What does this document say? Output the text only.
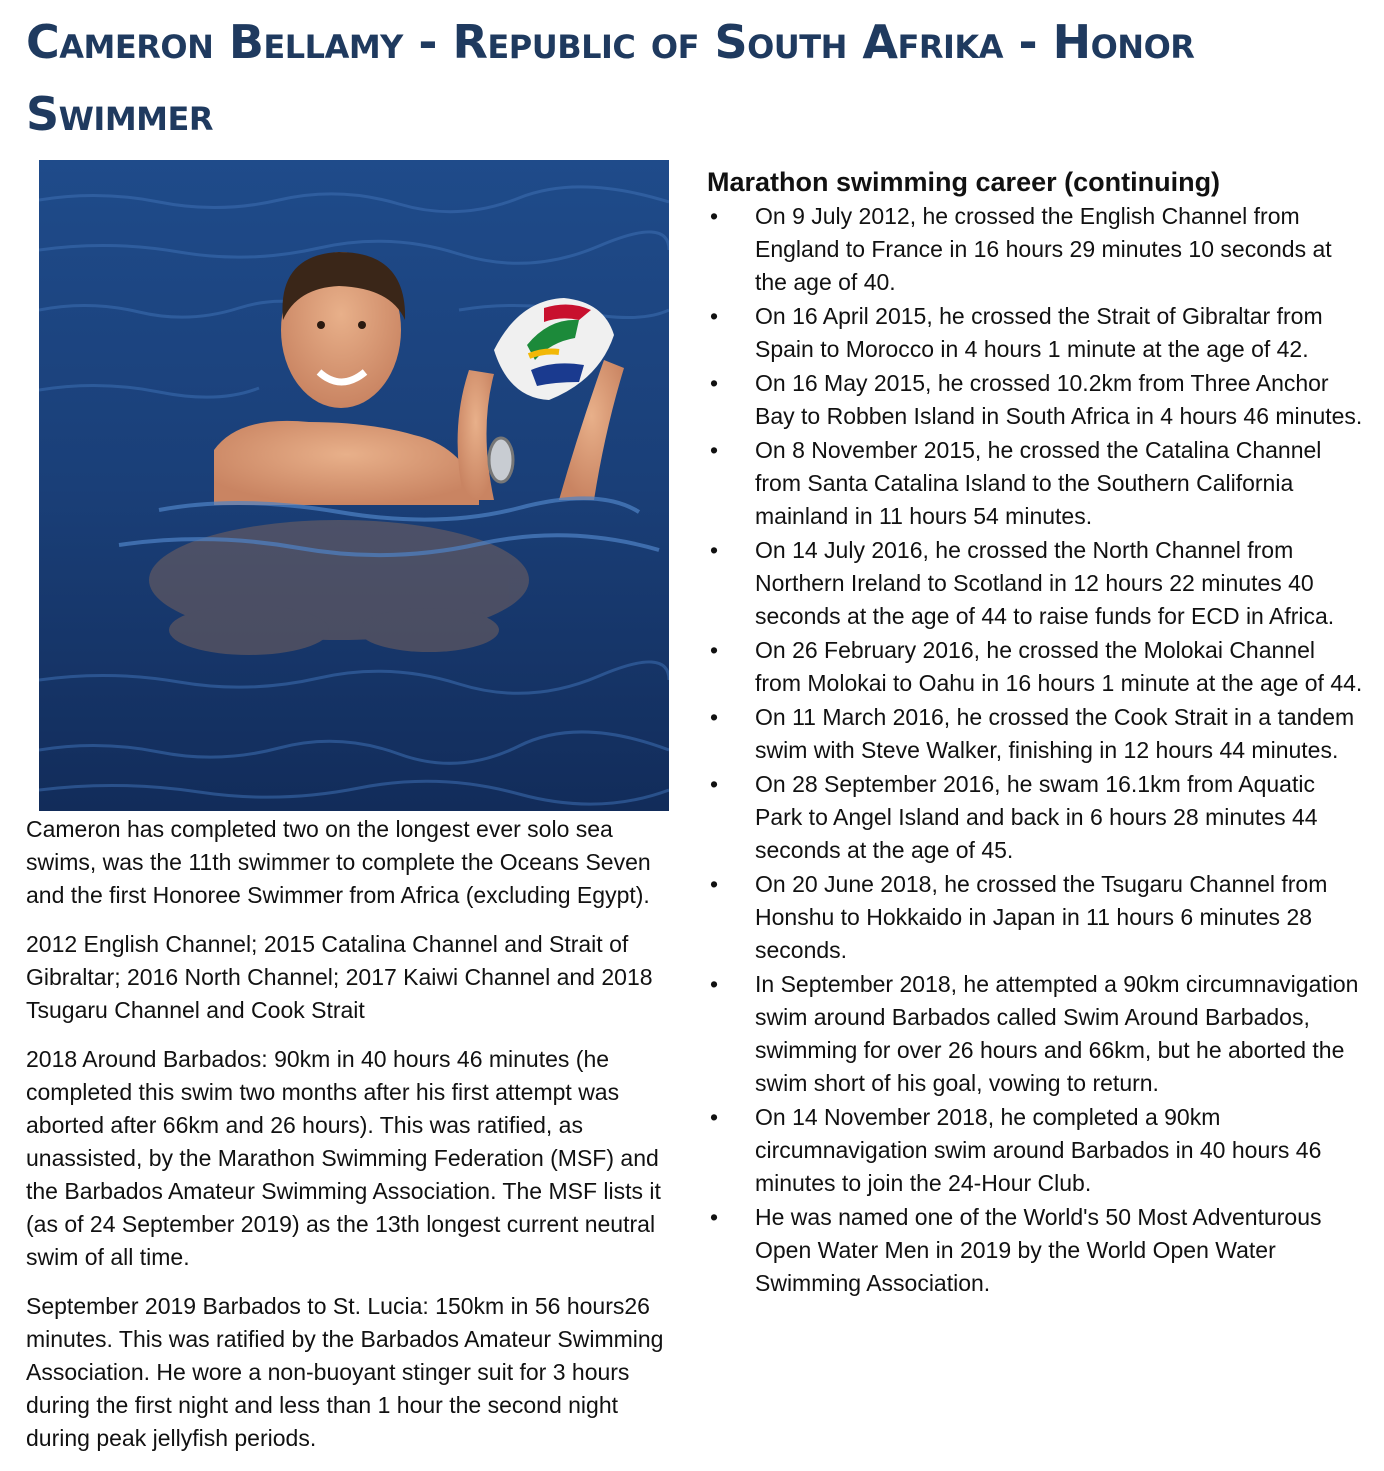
Cameron Bellamy - Republic of South Afrika - Honor Swimmer

Cameron has completed two on the longest ever solo sea swims, was the 11th swimmer to complete the Oceans Seven and the first Honoree Swimmer from Africa (excluding Egypt).

2012 English Channel; 2015 Catalina Channel and Strait of Gibraltar; 2016 North Channel; 2017 Kaiwi Channel and 2018 Tsugaru Channel and Cook Strait

2018 Around Barbados: 90km in 40 hours 46 minutes (he completed this swim two months after his first attempt was aborted after 66km and 26 hours). This was ratified, as unassisted, by the Marathon Swimming Federation (MSF) and the Barbados Amateur Swimming Association. The MSF lists it (as of 24 September 2019) as the 13th longest current neutral swim of all time.

September 2019 Barbados to St. Lucia: 150km in 56 hours26 minutes. This was ratified by the Barbados Amateur Swimming Association. He wore a non-buoyant stinger suit for 3 hours during the first night and less than 1 hour the second night during peak jellyfish periods.

Marathon swimming career (continuing)
• On 9 July 2012, he crossed the English Channel from England to France in 16 hours 29 minutes 10 seconds at the age of 40.
• On 16 April 2015, he crossed the Strait of Gibraltar from Spain to Morocco in 4 hours 1 minute at the age of 42.
• On 16 May 2015, he crossed 10.2km from Three Anchor Bay to Robben Island in South Africa in 4 hours 46 minutes.
• On 8 November 2015, he crossed the Catalina Channel from Santa Catalina Island to the Southern California mainland in 11 hours 54 minutes.
• On 14 July 2016, he crossed the North Channel from Northern Ireland to Scotland in 12 hours 22 minutes 40 seconds at the age of 44 to raise funds for ECD in Africa.
• On 26 February 2016, he crossed the Molokai Channel from Molokai to Oahu in 16 hours 1 minute at the age of 44.
• On 11 March 2016, he crossed the Cook Strait in a tandem swim with Steve Walker, finishing in 12 hours 44 minutes.
• On 28 September 2016, he swam 16.1km from Aquatic Park to Angel Island and back in 6 hours 28 minutes 44 seconds at the age of 45.
• On 20 June 2018, he crossed the Tsugaru Channel from Honshu to Hokkaido in Japan in 11 hours 6 minutes 28 seconds.
• In September 2018, he attempted a 90km circumnavigation swim around Barbados called Swim Around Barbados, swimming for over 26 hours and 66km, but he aborted the swim short of his goal, vowing to return.
• On 14 November 2018, he completed a 90km circumnavigation swim around Barbados in 40 hours 46 minutes to join the 24-Hour Club.
• He was named one of the World's 50 Most Adventurous Open Water Men in 2019 by the World Open Water Swimming Association.
